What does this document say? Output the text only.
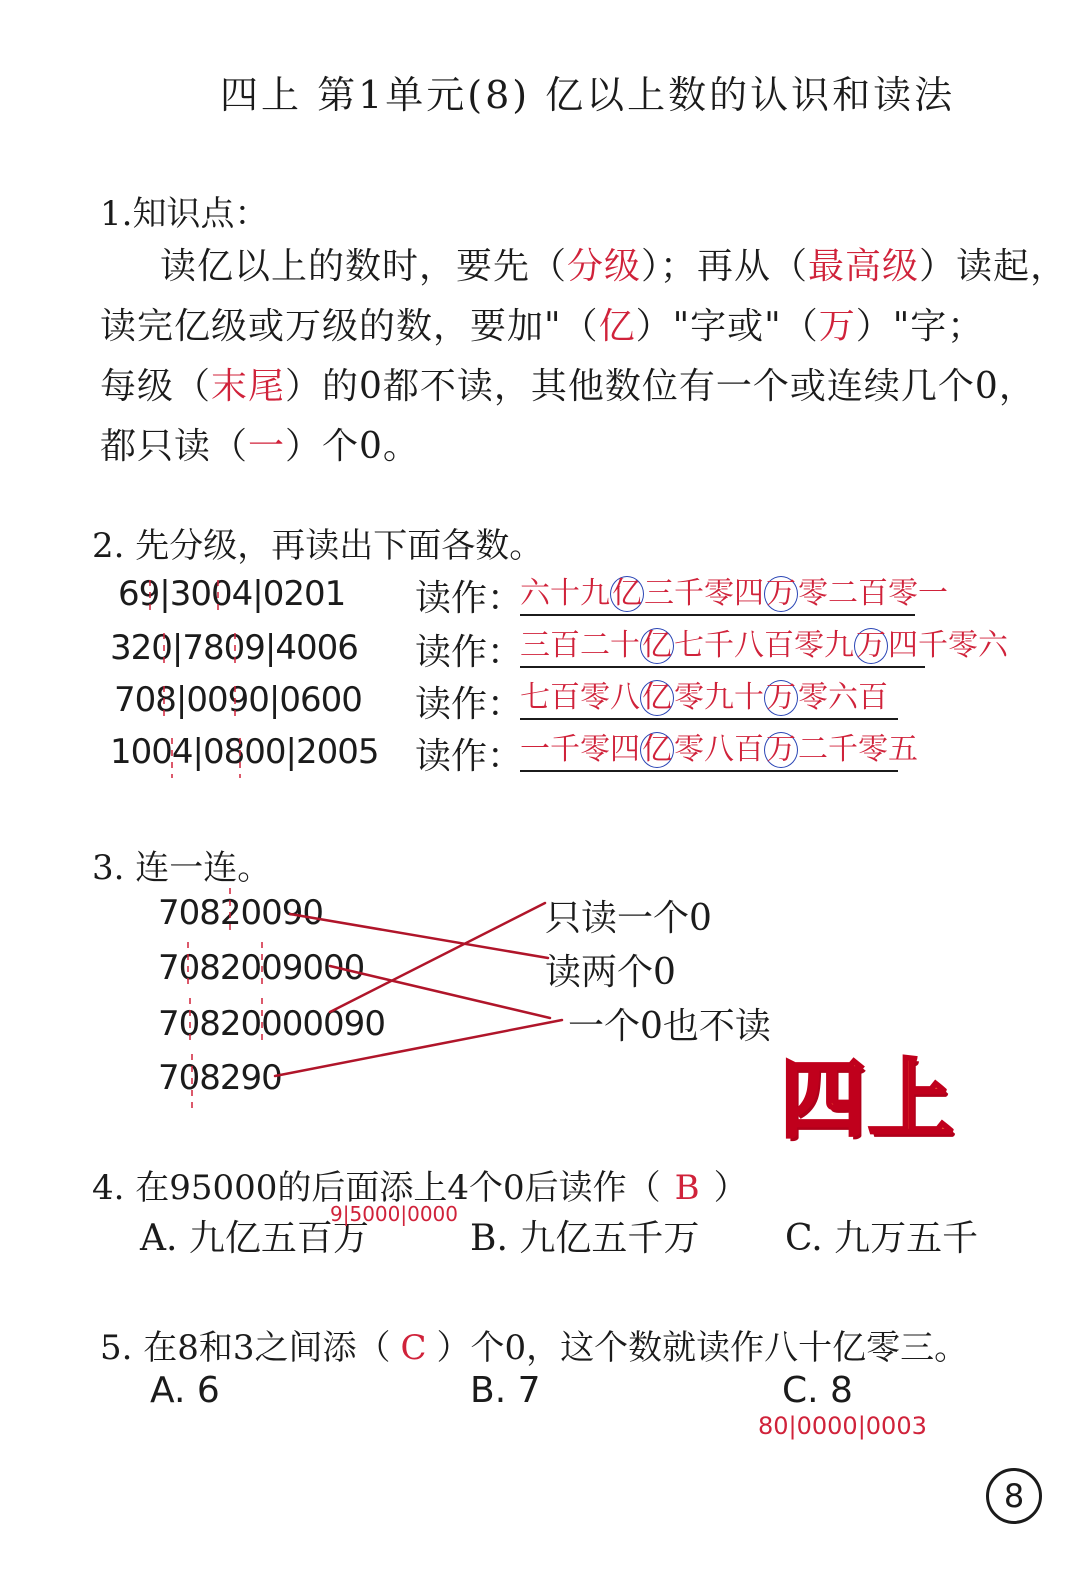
四上 第1单元(8) 亿以上数的认识和读法
1.知识点：
读亿以上的数时，要先（分级）；再从（最高级）读起，
读完亿级或万级的数，要加"（亿）"字或"（万）"字；
每级（末尾）的0都不读，其他数位有一个或连续几个0，
都只读（一）个0。
2. 先分级，再读出下面各数。
69|3004|0201 读作：
六十九亿三千零四万零二百零一
320|7809|4006 读作：
三百二十亿七千八百零九万四千零六
708|0090|0600 读作：
七百零八亿零九十万零六百
1004|0800|2005 读作：
一千零四亿零八百万二千零五
3. 连一连。
70820090
7082009000
70820000090
708290
只读一个0
读两个0
一个0也不读
四上
4. 在95000的后面添上4个0后读作（ B ）
A. 九亿五百万
9|5000|0000
B. 九亿五千万 C. 九万五千
5. 在8和3之间添（ C ）个0，这个数就读作八十亿零三。
A. 6	B. 7	C. 8
80|0000|0003
8
